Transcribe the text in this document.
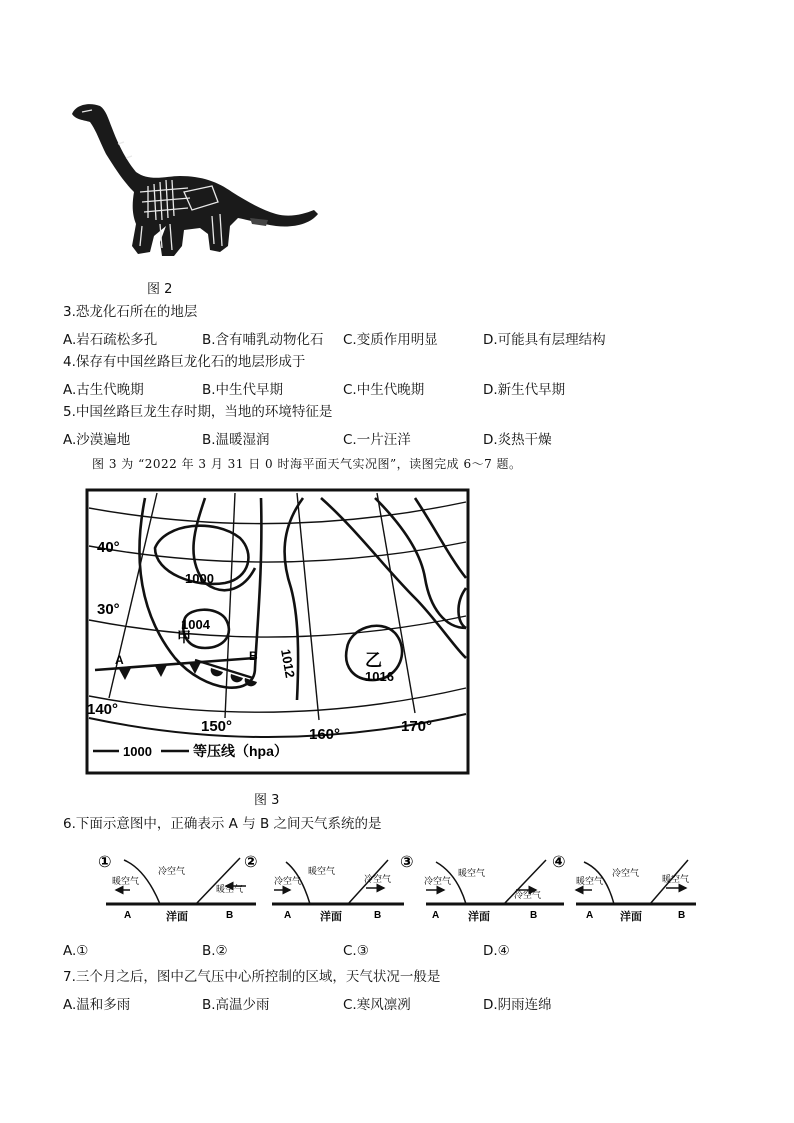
图 2
3.恐龙化石所在的地层
A.岩石疏松多孔	B.含有哺乳动物化石 C.变质作用明显	D.可能具有层理结构
4.保存有中国丝路巨龙化石的地层形成于
A.古生代晚期	B.中生代早期	C.中生代晚期	D.新生代早期
5.中国丝路巨龙生存时期，当地的环境特征是
A.沙漠遍地	B.温暖湿润	C.一片汪洋	D.炎热干燥
图 3 为 “2022 年 3 月 31 日 0 时海平面天气实况图”，读图完成 6～7 题。
40°
30°
140°
150°	160°	170°
1000
1004
1012	1016
甲
乙
A	B
1000	等压线（hpa）
图 3
6.下面示意图中，正确表示 A 与 B 之间天气系统的是
①
暖空气
冷空气
暖空气
A	洋面	B
②
冷空气
暖空气
冷空气
A	洋面	B
③
冷空气
暖空气
冷空气
A	洋面	B
④
暖空气
冷空气
暖空气
A 洋面	B
A.①	B.②	C.③	D.④
7.三个月之后，图中乙气压中心所控制的区域，天气状况一般是
A.温和多雨	B.高温少雨	C.寒风凛冽	D.阴雨连绵
